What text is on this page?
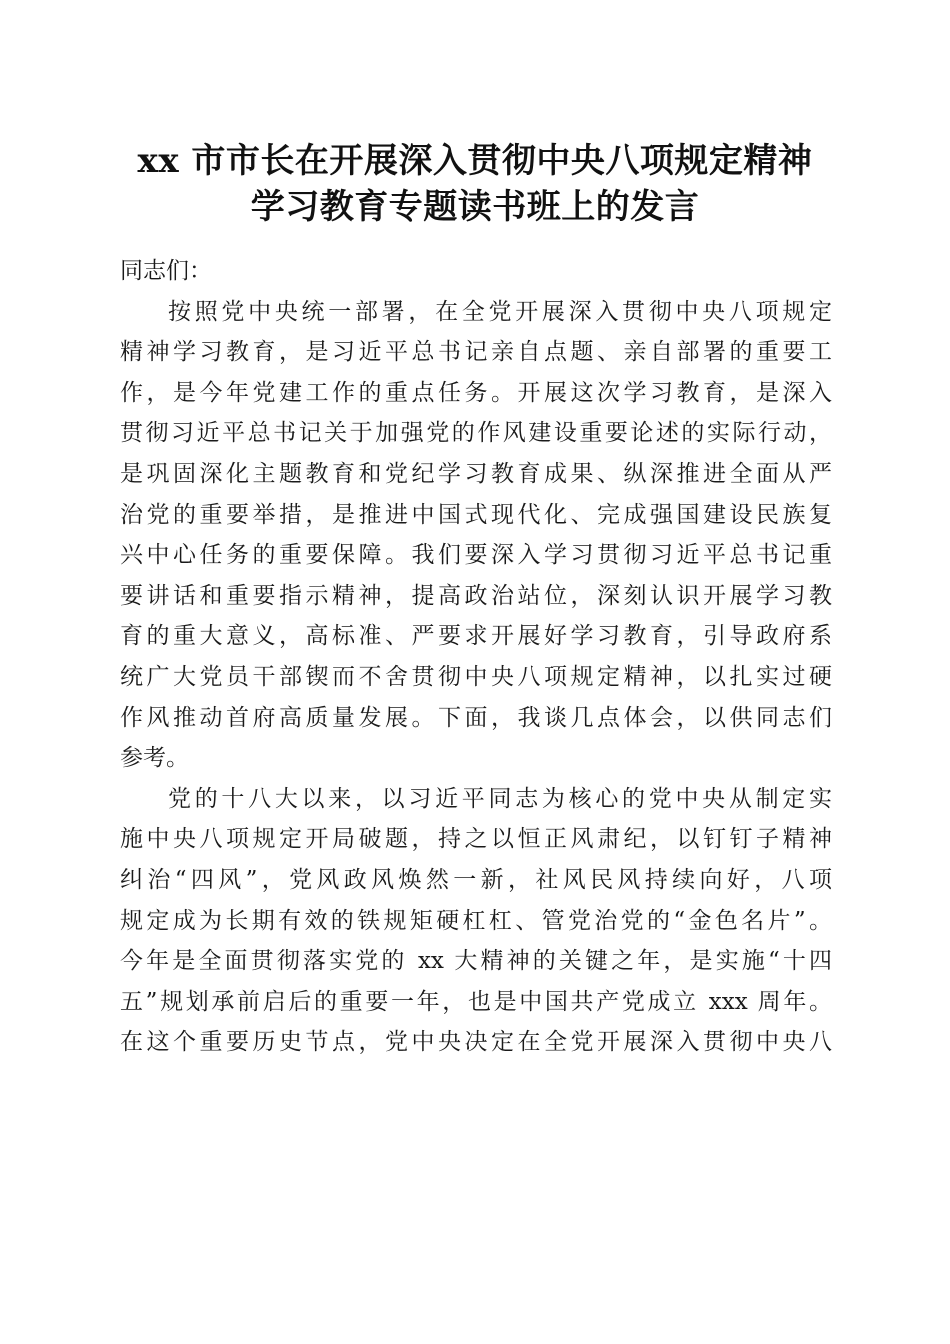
xx 市市长在开展深入贯彻中央八项规定精神
学习教育专题读书班上的发言
同志们：
按照党中央统一部署，在全党开展深入贯彻中央八项规定
精神学习教育，是习近平总书记亲自点题、亲自部署的重要工
作，是今年党建工作的重点任务。开展这次学习教育，是深入
贯彻习近平总书记关于加强党的作风建设重要论述的实际行动，
是巩固深化主题教育和党纪学习教育成果、纵深推进全面从严
治党的重要举措，是推进中国式现代化、完成强国建设民族复
兴中心任务的重要保障。我们要深入学习贯彻习近平总书记重
要讲话和重要指示精神，提高政治站位，深刻认识开展学习教
育的重大意义，高标准、严要求开展好学习教育，引导政府系
统广大党员干部锲而不舍贯彻中央八项规定精神，以扎实过硬
作风推动首府高质量发展。下面，我谈几点体会，以供同志们
参考。
党的十八大以来，以习近平同志为核心的党中央从制定实
施中央八项规定开局破题，持之以恒正风肃纪，以钉钉子精神
纠治“四风”，党风政风焕然一新，社风民风持续向好，八项
规定成为长期有效的铁规矩硬杠杠、管党治党的“金色名片”。
今年是全面贯彻落实党的 xx 大精神的关键之年，是实施“十四
五”规划承前启后的重要一年，也是中国共产党成立 xxx 周年。
在这个重要历史节点，党中央决定在全党开展深入贯彻中央八
